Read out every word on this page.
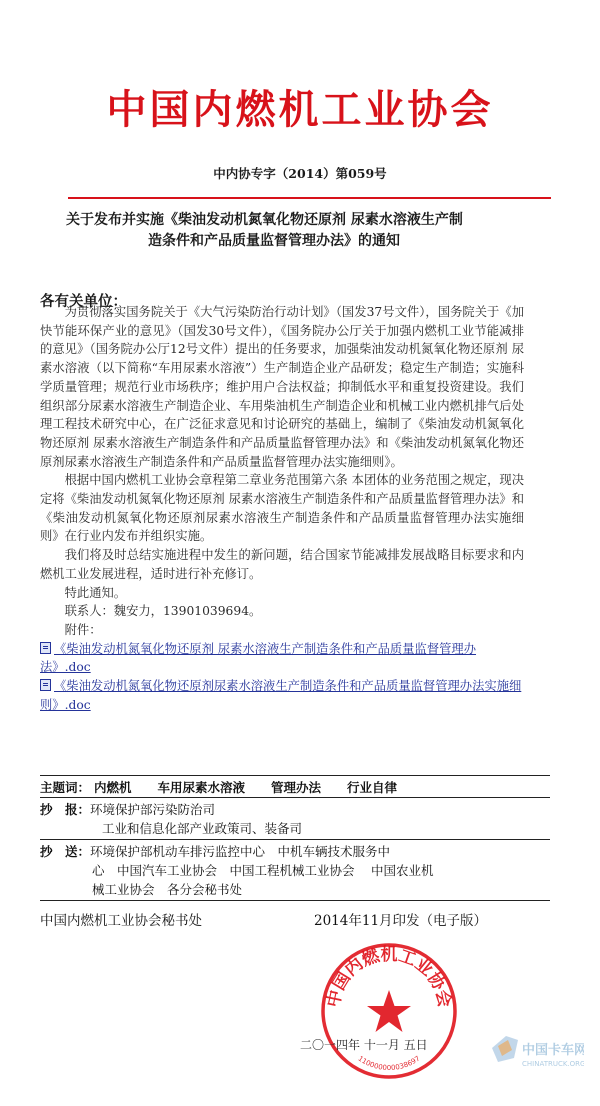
中国内燃机工业协会
中内协专字（2014）第059号
关于发布并实施《柴油发动机氮氧化物还原剂 尿素水溶液生产制
造条件和产品质量监督管理办法》的通知
各有关单位：

为贯彻落实国务院关于《大气污染防治行动计划》（国发37号文件），国务院关于《加快节能环保产业的意见》（国发30号文件），《国务院办公厅关于加强内燃机工业节能减排的意见》（国务院办公厅12号文件）提出的任务要求，加强柴油发动机氮氧化物还原剂 尿素水溶液（以下简称“车用尿素水溶液”）生产制造企业产品研发；稳定生产制造；实施科学质量管理；规范行业市场秩序；维护用户合法权益；抑制低水平和重复投资建设。我们组织部分尿素水溶液生产制造企业、车用柴油机生产制造企业和机械工业内燃机排气后处理工程技术研究中心，在广泛征求意见和讨论研究的基础上，编制了《柴油发动机氮氧化物还原剂 尿素水溶液生产制造条件和产品质量监督管理办法》和《柴油发动机氮氧化物还原剂尿素水溶液生产制造条件和产品质量监督管理办法实施细则》。

根据中国内燃机工业协会章程第二章业务范围第六条 本团体的业务范围之规定，现决定将《柴油发动机氮氧化物还原剂 尿素水溶液生产制造条件和产品质量监督管理办法》和《柴油发动机氮氧化物还原剂尿素水溶液生产制造条件和产品质量监督管理办法实施细则》在行业内发布并组织实施。

我们将及时总结实施进程中发生的新问题，结合国家节能减排发展战略目标要求和内燃机工业发展进程，适时进行补充修订。

特此通知。

联系人：魏安力，13901039694。

附件：

《柴油发动机氮氧化物还原剂 尿素水溶液生产制造条件和产品质量监督管理办法》.doc

《柴油发动机氮氧化物还原剂尿素水溶液生产制造条件和产品质量监督管理办法实施细则》.doc

主题词： 内燃机 车用尿素水溶液 管理办法 行业自律
抄　报：环境保护部污染防治司
工业和信息化部产业政策司、装备司
抄　送：环境保护部机动车排污监控中心　中机车辆技术服务中
心　中国汽车工业协会　中国工程机械工业协会　 中国农业机
械工业协会　各分会秘书处
中国内燃机工业协会秘书处	2014年11月印发（电子版）
中国内燃机工业协会
110000000038697
二〇一四年 十一月 五日	中国卡车网
CHINATRUCK.ORG
